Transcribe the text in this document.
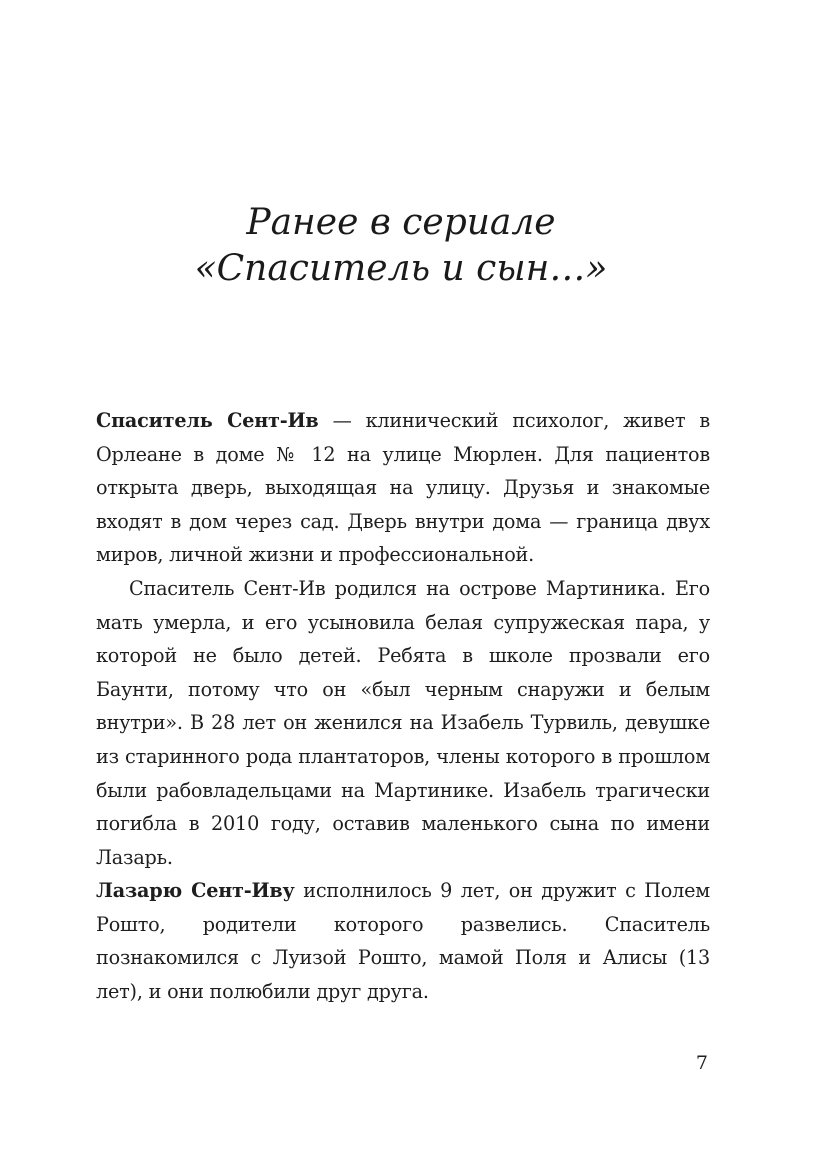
Ранее в сериале
«Спаситель и сын…»

Спаситель Сент-Ив — клинический психолог, живет в Орлеане в доме № 12 на улице Мюрлен. Для пациентов открыта дверь, выходящая на улицу. Друзья и знакомые входят в дом через сад. Дверь внутри дома — граница двух миров, личной жизни и профессиональной.

Спаситель Сент-Ив родился на острове Мартиника. Его мать умерла, и его усыновила белая супружеская пара, у которой не было детей. Ребята в школе прозвали его Баунти, потому что он «был черным снаружи и белым внутри». В 28 лет он женился на Изабель Турвиль, девушке из старинного рода плантаторов, члены которого в прошлом были рабовладельцами на Мартинике. Изабель трагически погибла в 2010 году, оставив маленького сына по имени Лазарь.

Лазарю Сент-Иву исполнилось 9 лет, он дружит с Полем Рошто, родители которого развелись. Спаситель познакомился с Луизой Рошто, мамой Поля и Алисы (13 лет), и они полюбили друг друга.

7
